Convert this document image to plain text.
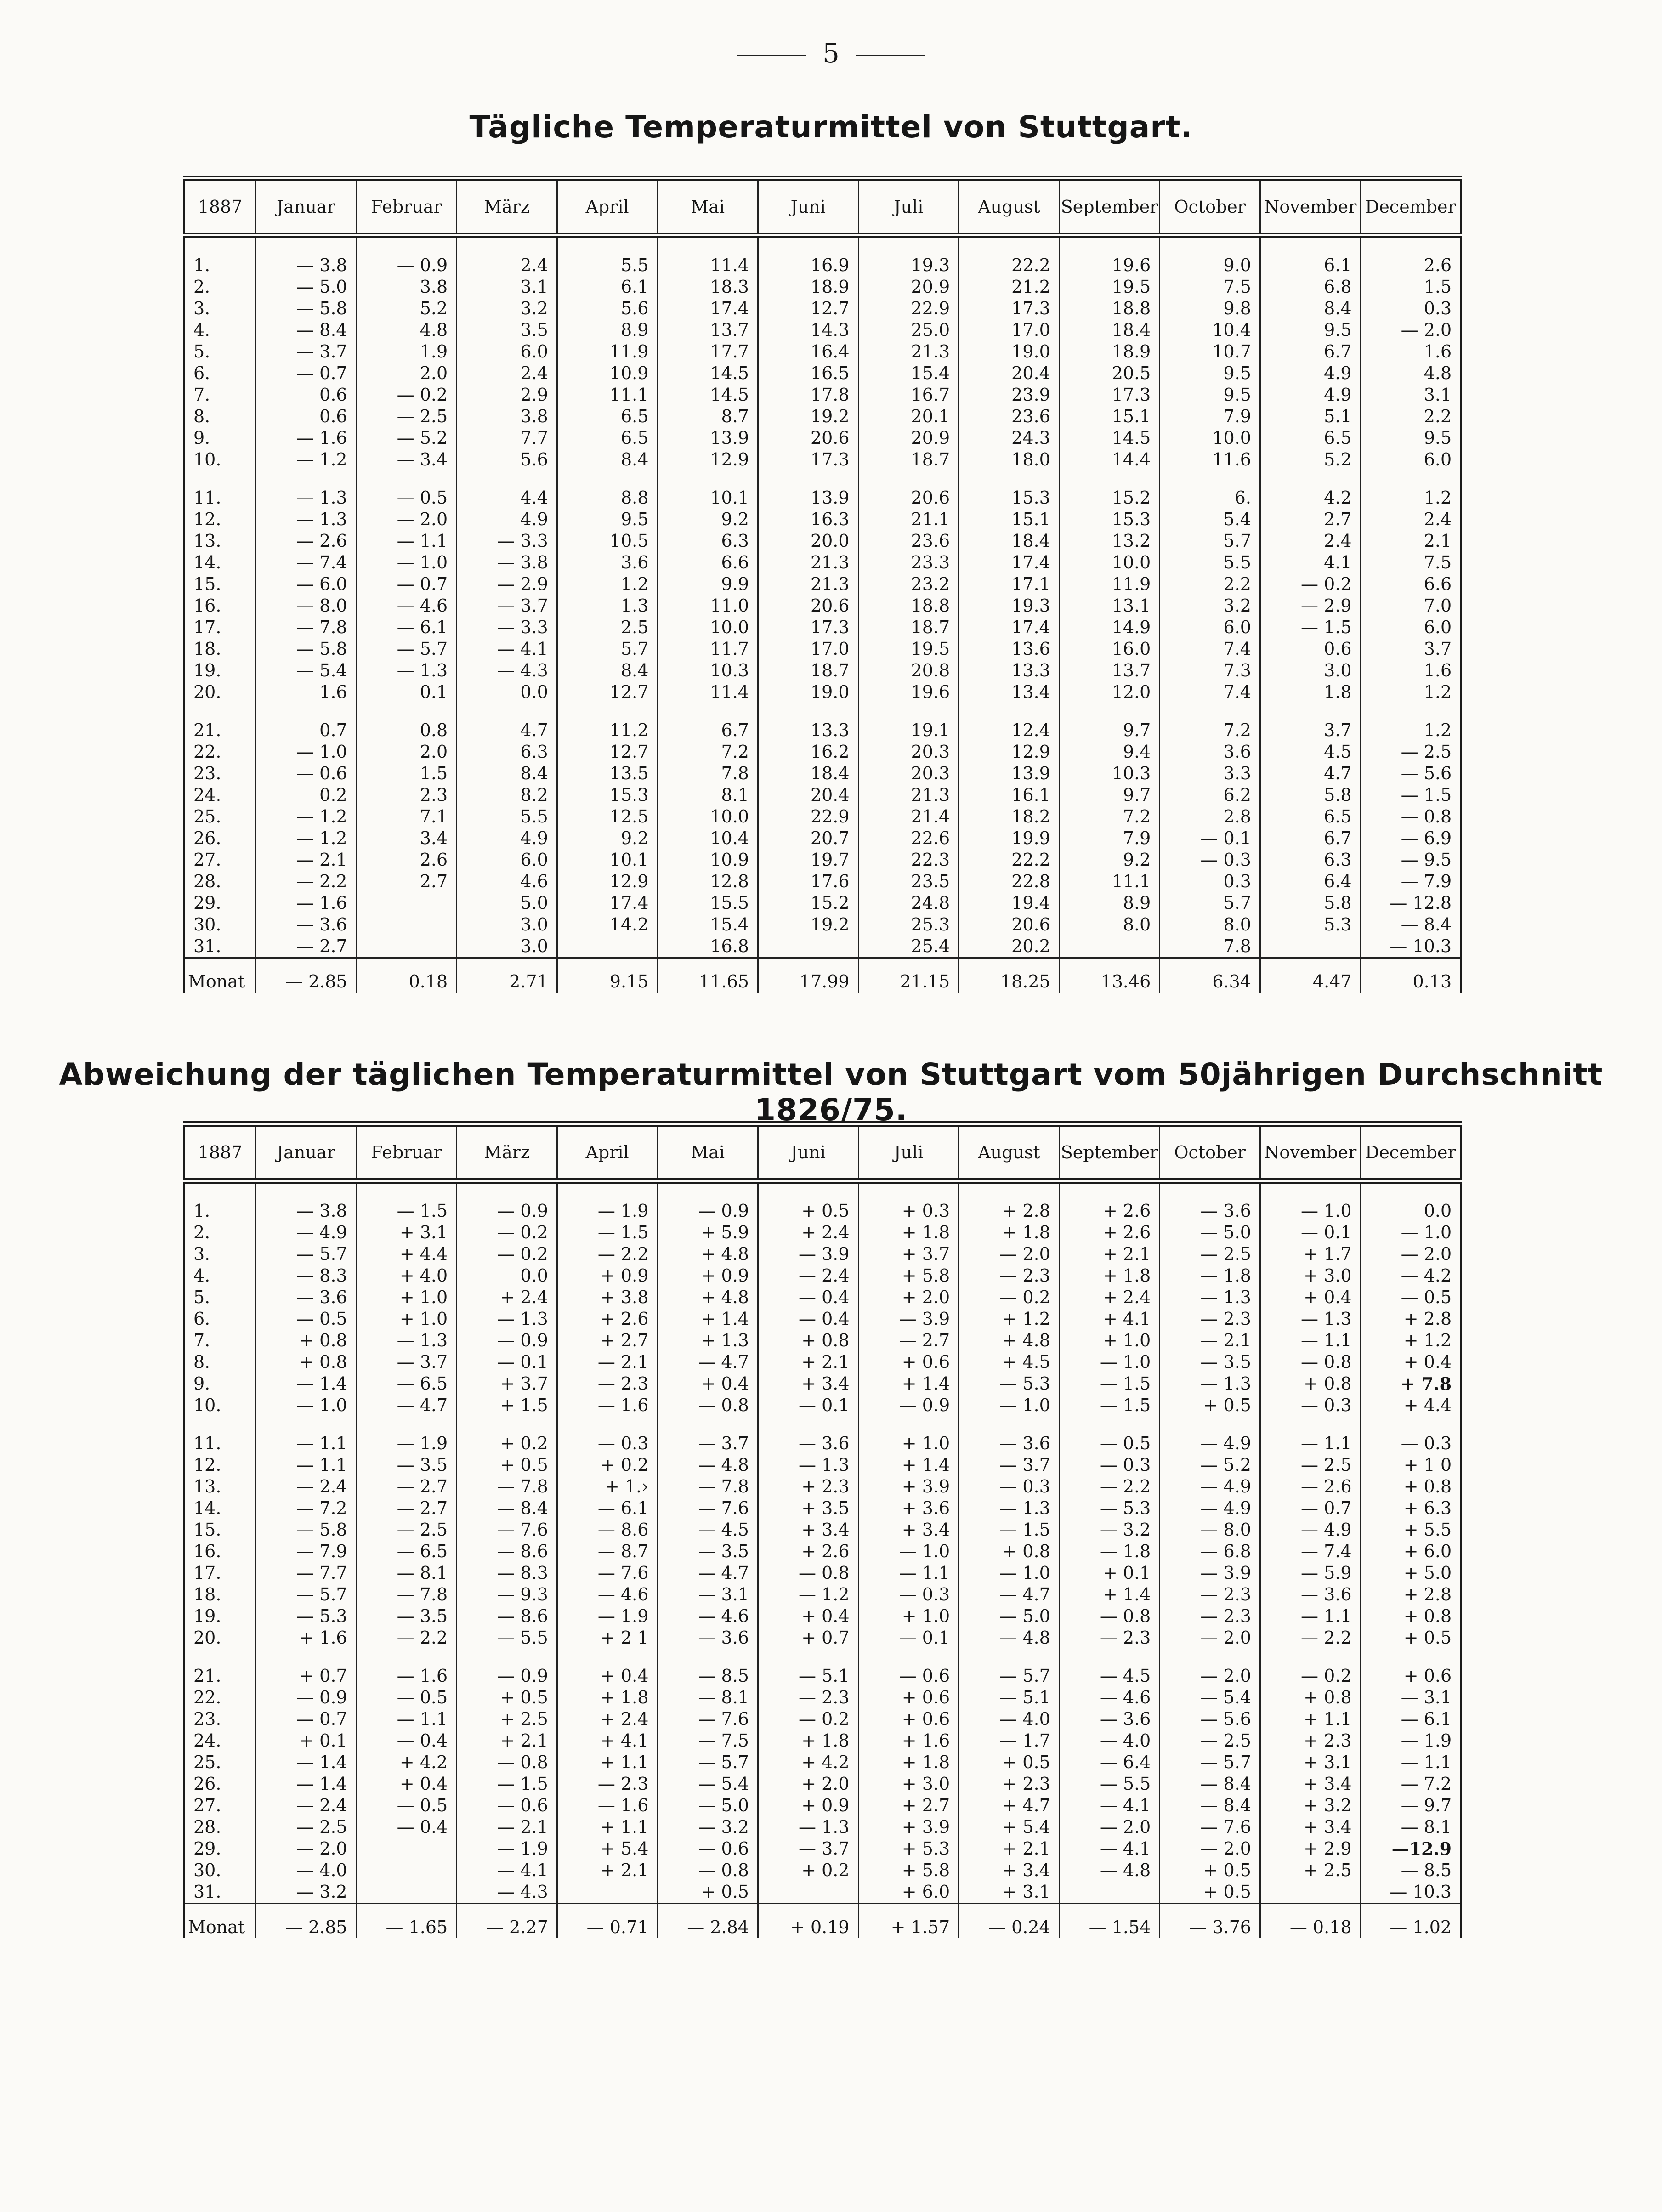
5
Tägliche Temperaturmittel von Stuttgart.
1887	Januar	Februar	März	April	Mai	Juni	Juli	August	September	October	November	December

1.	— 3.8	— 0.9	2.4	5.5	11.4	16.9	19.3	22.2	19.6	9.0	6.1	2.6
2.	— 5.0	3.8	3.1	6.1	18.3	18.9	20.9	21.2	19.5	7.5	6.8	1.5
3.	— 5.8	5.2	3.2	5.6	17.4	12.7	22.9	17.3	18.8	9.8	8.4	0.3
4.	— 8.4	4.8	3.5	8.9	13.7	14.3	25.0	17.0	18.4	10.4	9.5	— 2.0
5.	— 3.7	1.9	6.0	11.9	17.7	16.4	21.3	19.0	18.9	10.7	6.7	1.6
6.	— 0.7	2.0	2.4	10.9	14.5	16.5	15.4	20.4	20.5	9.5	4.9	4.8
7.	0.6	— 0.2	2.9	11.1	14.5	17.8	16.7	23.9	17.3	9.5	4.9	3.1
8.	0.6	— 2.5	3.8	6.5	8.7	19.2	20.1	23.6	15.1	7.9	5.1	2.2
9.	— 1.6	— 5.2	7.7	6.5	13.9	20.6	20.9	24.3	14.5	10.0	6.5	9.5
10.	— 1.2	— 3.4	5.6	8.4	12.9	17.3	18.7	18.0	14.4	11.6	5.2	6.0

11.	— 1.3	— 0.5	4.4	8.8	10.1	13.9	20.6	15.3	15.2	6.	4.2	1.2
12.	— 1.3	— 2.0	4.9	9.5	9.2	16.3	21.1	15.1	15.3	5.4	2.7	2.4
13.	— 2.6	— 1.1	— 3.3	10.5	6.3	20.0	23.6	18.4	13.2	5.7	2.4	2.1
14.	— 7.4	— 1.0	— 3.8	3.6	6.6	21.3	23.3	17.4	10.0	5.5	4.1	7.5
15.	— 6.0	— 0.7	— 2.9	1.2	9.9	21.3	23.2	17.1	11.9	2.2	— 0.2	6.6
16.	— 8.0	— 4.6	— 3.7	1.3	11.0	20.6	18.8	19.3	13.1	3.2	— 2.9	7.0
17.	— 7.8	— 6.1	— 3.3	2.5	10.0	17.3	18.7	17.4	14.9	6.0	— 1.5	6.0
18.	— 5.8	— 5.7	— 4.1	5.7	11.7	17.0	19.5	13.6	16.0	7.4	0.6	3.7
19.	— 5.4	— 1.3	— 4.3	8.4	10.3	18.7	20.8	13.3	13.7	7.3	3.0	1.6
20.	1.6	0.1	0.0	12.7	11.4	19.0	19.6	13.4	12.0	7.4	1.8	1.2

21.	0.7	0.8	4.7	11.2	6.7	13.3	19.1	12.4	9.7	7.2	3.7	1.2
22.	— 1.0	2.0	6.3	12.7	7.2	16.2	20.3	12.9	9.4	3.6	4.5	— 2.5
23.	— 0.6	1.5	8.4	13.5	7.8	18.4	20.3	13.9	10.3	3.3	4.7	— 5.6
24.	0.2	2.3	8.2	15.3	8.1	20.4	21.3	16.1	9.7	6.2	5.8	— 1.5
25.	— 1.2	7.1	5.5	12.5	10.0	22.9	21.4	18.2	7.2	2.8	6.5	— 0.8
26.	— 1.2	3.4	4.9	9.2	10.4	20.7	22.6	19.9	7.9	— 0.1	6.7	— 6.9
27.	— 2.1	2.6	6.0	10.1	10.9	19.7	22.3	22.2	9.2	— 0.3	6.3	— 9.5
28.	— 2.2	2.7	4.6	12.9	12.8	17.6	23.5	22.8	11.1	0.3	6.4	— 7.9
29.	— 1.6		5.0	17.4	15.5	15.2	24.8	19.4	8.9	5.7	5.8	— 12.8
30.	— 3.6		3.0	14.2	15.4	19.2	25.3	20.6	8.0	8.0	5.3	— 8.4
31.	— 2.7		3.0		16.8		25.4	20.2		7.8		— 10.3
Monat	— 2.85	0.18	2.71	9.15	11.65	17.99	21.15	18.25	13.46	6.34	4.47	0.13
Abweichung der täglichen Temperaturmittel von Stuttgart vom 50jährigen Durchschnitt 1826/75.
1887	Januar	Februar	März	April	Mai	Juni	Juli	August	September	October	November	December

1.	— 3.8	— 1.5	— 0.9	— 1.9	— 0.9	+ 0.5	+ 0.3	+ 2.8	+ 2.6	— 3.6	— 1.0	0.0
2.	— 4.9	+ 3.1	— 0.2	— 1.5	+ 5.9	+ 2.4	+ 1.8	+ 1.8	+ 2.6	— 5.0	— 0.1	— 1.0
3.	— 5.7	+ 4.4	— 0.2	— 2.2	+ 4.8	— 3.9	+ 3.7	— 2.0	+ 2.1	— 2.5	+ 1.7	— 2.0
4.	— 8.3	+ 4.0	0.0	+ 0.9	+ 0.9	— 2.4	+ 5.8	— 2.3	+ 1.8	— 1.8	+ 3.0	— 4.2
5.	— 3.6	+ 1.0	+ 2.4	+ 3.8	+ 4.8	— 0.4	+ 2.0	— 0.2	+ 2.4	— 1.3	+ 0.4	— 0.5
6.	— 0.5	+ 1.0	— 1.3	+ 2.6	+ 1.4	— 0.4	— 3.9	+ 1.2	+ 4.1	— 2.3	— 1.3	+ 2.8
7.	+ 0.8	— 1.3	— 0.9	+ 2.7	+ 1.3	+ 0.8	— 2.7	+ 4.8	+ 1.0	— 2.1	— 1.1	+ 1.2
8.	+ 0.8	— 3.7	— 0.1	— 2.1	— 4.7	+ 2.1	+ 0.6	+ 4.5	— 1.0	— 3.5	— 0.8	+ 0.4
9.	— 1.4	— 6.5	+ 3.7	— 2.3	+ 0.4	+ 3.4	+ 1.4	— 5.3	— 1.5	— 1.3	+ 0.8	+ 7.8
10.	— 1.0	— 4.7	+ 1.5	— 1.6	— 0.8	— 0.1	— 0.9	— 1.0	— 1.5	+ 0.5	— 0.3	+ 4.4

11.	— 1.1	— 1.9	+ 0.2	— 0.3	— 3.7	— 3.6	+ 1.0	— 3.6	— 0.5	— 4.9	— 1.1	— 0.3
12.	— 1.1	— 3.5	+ 0.5	+ 0.2	— 4.8	— 1.3	+ 1.4	— 3.7	— 0.3	— 5.2	— 2.5	+ 1 0
13.	— 2.4	— 2.7	— 7.8	+ 1.›	— 7.8	+ 2.3	+ 3.9	— 0.3	— 2.2	— 4.9	— 2.6	+ 0.8
14.	— 7.2	— 2.7	— 8.4	— 6.1	— 7.6	+ 3.5	+ 3.6	— 1.3	— 5.3	— 4.9	— 0.7	+ 6.3
15.	— 5.8	— 2.5	— 7.6	— 8.6	— 4.5	+ 3.4	+ 3.4	— 1.5	— 3.2	— 8.0	— 4.9	+ 5.5
16.	— 7.9	— 6.5	— 8.6	— 8.7	— 3.5	+ 2.6	— 1.0	+ 0.8	— 1.8	— 6.8	— 7.4	+ 6.0
17.	— 7.7	— 8.1	— 8.3	— 7.6	— 4.7	— 0.8	— 1.1	— 1.0	+ 0.1	— 3.9	— 5.9	+ 5.0
18.	— 5.7	— 7.8	— 9.3	— 4.6	— 3.1	— 1.2	— 0.3	— 4.7	+ 1.4	— 2.3	— 3.6	+ 2.8
19.	— 5.3	— 3.5	— 8.6	— 1.9	— 4.6	+ 0.4	+ 1.0	— 5.0	— 0.8	— 2.3	— 1.1	+ 0.8
20.	+ 1.6	— 2.2	— 5.5	+ 2 1	— 3.6	+ 0.7	— 0.1	— 4.8	— 2.3	— 2.0	— 2.2	+ 0.5

21.	+ 0.7	— 1.6	— 0.9	+ 0.4	— 8.5	— 5.1	— 0.6	— 5.7	— 4.5	— 2.0	— 0.2	+ 0.6
22.	— 0.9	— 0.5	+ 0.5	+ 1.8	— 8.1	— 2.3	+ 0.6	— 5.1	— 4.6	— 5.4	+ 0.8	— 3.1
23.	— 0.7	— 1.1	+ 2.5	+ 2.4	— 7.6	— 0.2	+ 0.6	— 4.0	— 3.6	— 5.6	+ 1.1	— 6.1
24.	+ 0.1	— 0.4	+ 2.1	+ 4.1	— 7.5	+ 1.8	+ 1.6	— 1.7	— 4.0	— 2.5	+ 2.3	— 1.9
25.	— 1.4	+ 4.2	— 0.8	+ 1.1	— 5.7	+ 4.2	+ 1.8	+ 0.5	— 6.4	— 5.7	+ 3.1	— 1.1
26.	— 1.4	+ 0.4	— 1.5	— 2.3	— 5.4	+ 2.0	+ 3.0	+ 2.3	— 5.5	— 8.4	+ 3.4	— 7.2
27.	— 2.4	— 0.5	— 0.6	— 1.6	— 5.0	+ 0.9	+ 2.7	+ 4.7	— 4.1	— 8.4	+ 3.2	— 9.7
28.	— 2.5	— 0.4	— 2.1	+ 1.1	— 3.2	— 1.3	+ 3.9	+ 5.4	— 2.0	— 7.6	+ 3.4	— 8.1
29.	— 2.0		— 1.9	+ 5.4	— 0.6	— 3.7	+ 5.3	+ 2.1	— 4.1	— 2.0	+ 2.9	—12.9
30.	— 4.0		— 4.1	+ 2.1	— 0.8	+ 0.2	+ 5.8	+ 3.4	— 4.8	+ 0.5	+ 2.5	— 8.5
31.	— 3.2		— 4.3		+ 0.5		+ 6.0	+ 3.1		+ 0.5		— 10.3
Monat	— 2.85	— 1.65	— 2.27	— 0.71	— 2.84	+ 0.19	+ 1.57	— 0.24	— 1.54	— 3.76	— 0.18	— 1.02
